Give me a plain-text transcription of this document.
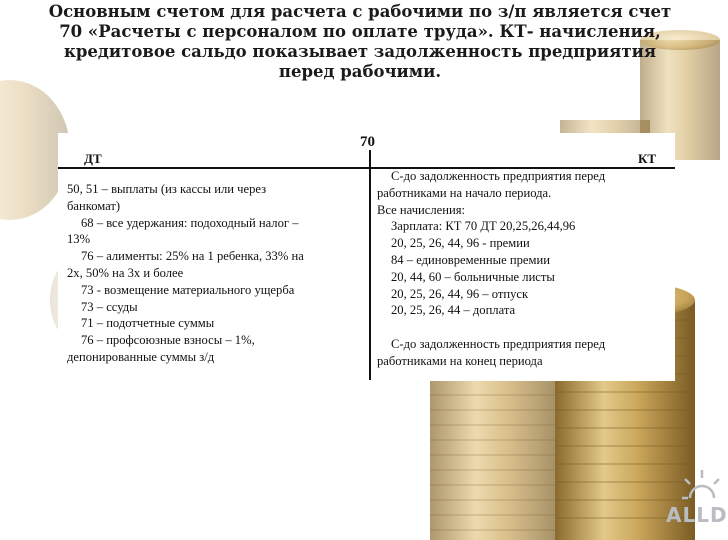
Основным счетом для расчета с рабочими по з/п является счет
70 «Расчеты с персоналом по оплате труда». КТ- начисления,
кредитовое сальдо показывает задолженность предприятия
перед рабочими.
70
ДТ	КТ
50, 51 – выплаты (из кассы или через
банкомат)
68 – все удержания: подоходный налог –
13%
76 – алименты: 25% на 1 ребенка, 33% на
2х, 50% на 3х и более
73 - возмещение материального ущерба
73 – ссуды
71 – подотчетные суммы
76 – профсоюзные взносы – 1%,
депонированные суммы з/д
С-до задолженность предприятия перед
работниками на начало периода.
Все начисления:
Зарплата: КТ 70 ДТ 20,25,26,44,96
20, 25, 26, 44, 96 - премии
84 – единовременные премии
20, 44, 60 – больничные листы
20, 25, 26, 44, 96 – отпуск
20, 25, 26, 44 – доплата
С-до задолженность предприятия перед
работниками на конец периода
ALLD
